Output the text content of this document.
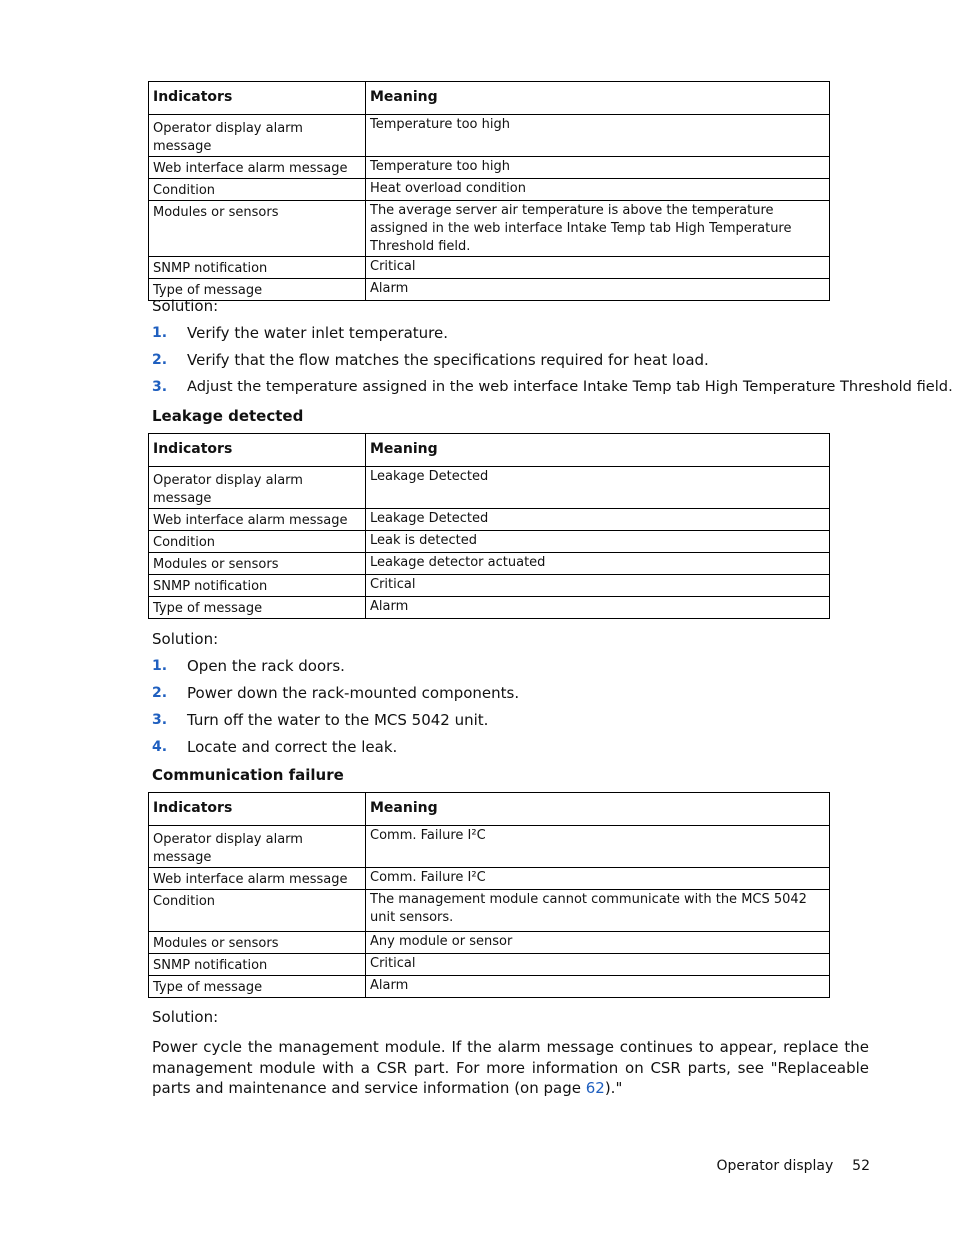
Indicators	Meaning
Operator display alarm message	Temperature too high
Web interface alarm message	Temperature too high
Condition	Heat overload condition
Modules or sensors	The average server air temperature is above the temperature assigned in the web interface Intake Temp tab High Temperature Threshold field.
SNMP notification	Critical
Type of message	Alarm
Solution:
1. Verify the water inlet temperature.
2. Verify that the flow matches the specifications required for heat load.
3. Adjust the temperature assigned in the web interface Intake Temp tab High Temperature Threshold field.
Leakage detected
Indicators	Meaning
Operator display alarm message	Leakage Detected
Web interface alarm message	Leakage Detected
Condition	Leak is detected
Modules or sensors	Leakage detector actuated
SNMP notification	Critical
Type of message	Alarm
Solution:
1. Open the rack doors.
2. Power down the rack-mounted components.
3. Turn off the water to the MCS 5042 unit.
4. Locate and correct the leak.
Communication failure
Indicators	Meaning
Operator display alarm message	Comm. Failure I²C
Web interface alarm message	Comm. Failure I²C
Condition	The management module cannot communicate with the MCS 5042 unit sensors.
Modules or sensors	Any module or sensor
SNMP notification	Critical
Type of message	Alarm
Solution:
Power cycle the management module. If the alarm message continues to appear, replace the management module with a CSR part. For more information on CSR parts, see "Replaceable parts and maintenance and service information (on page 62)."
Operator display 52
